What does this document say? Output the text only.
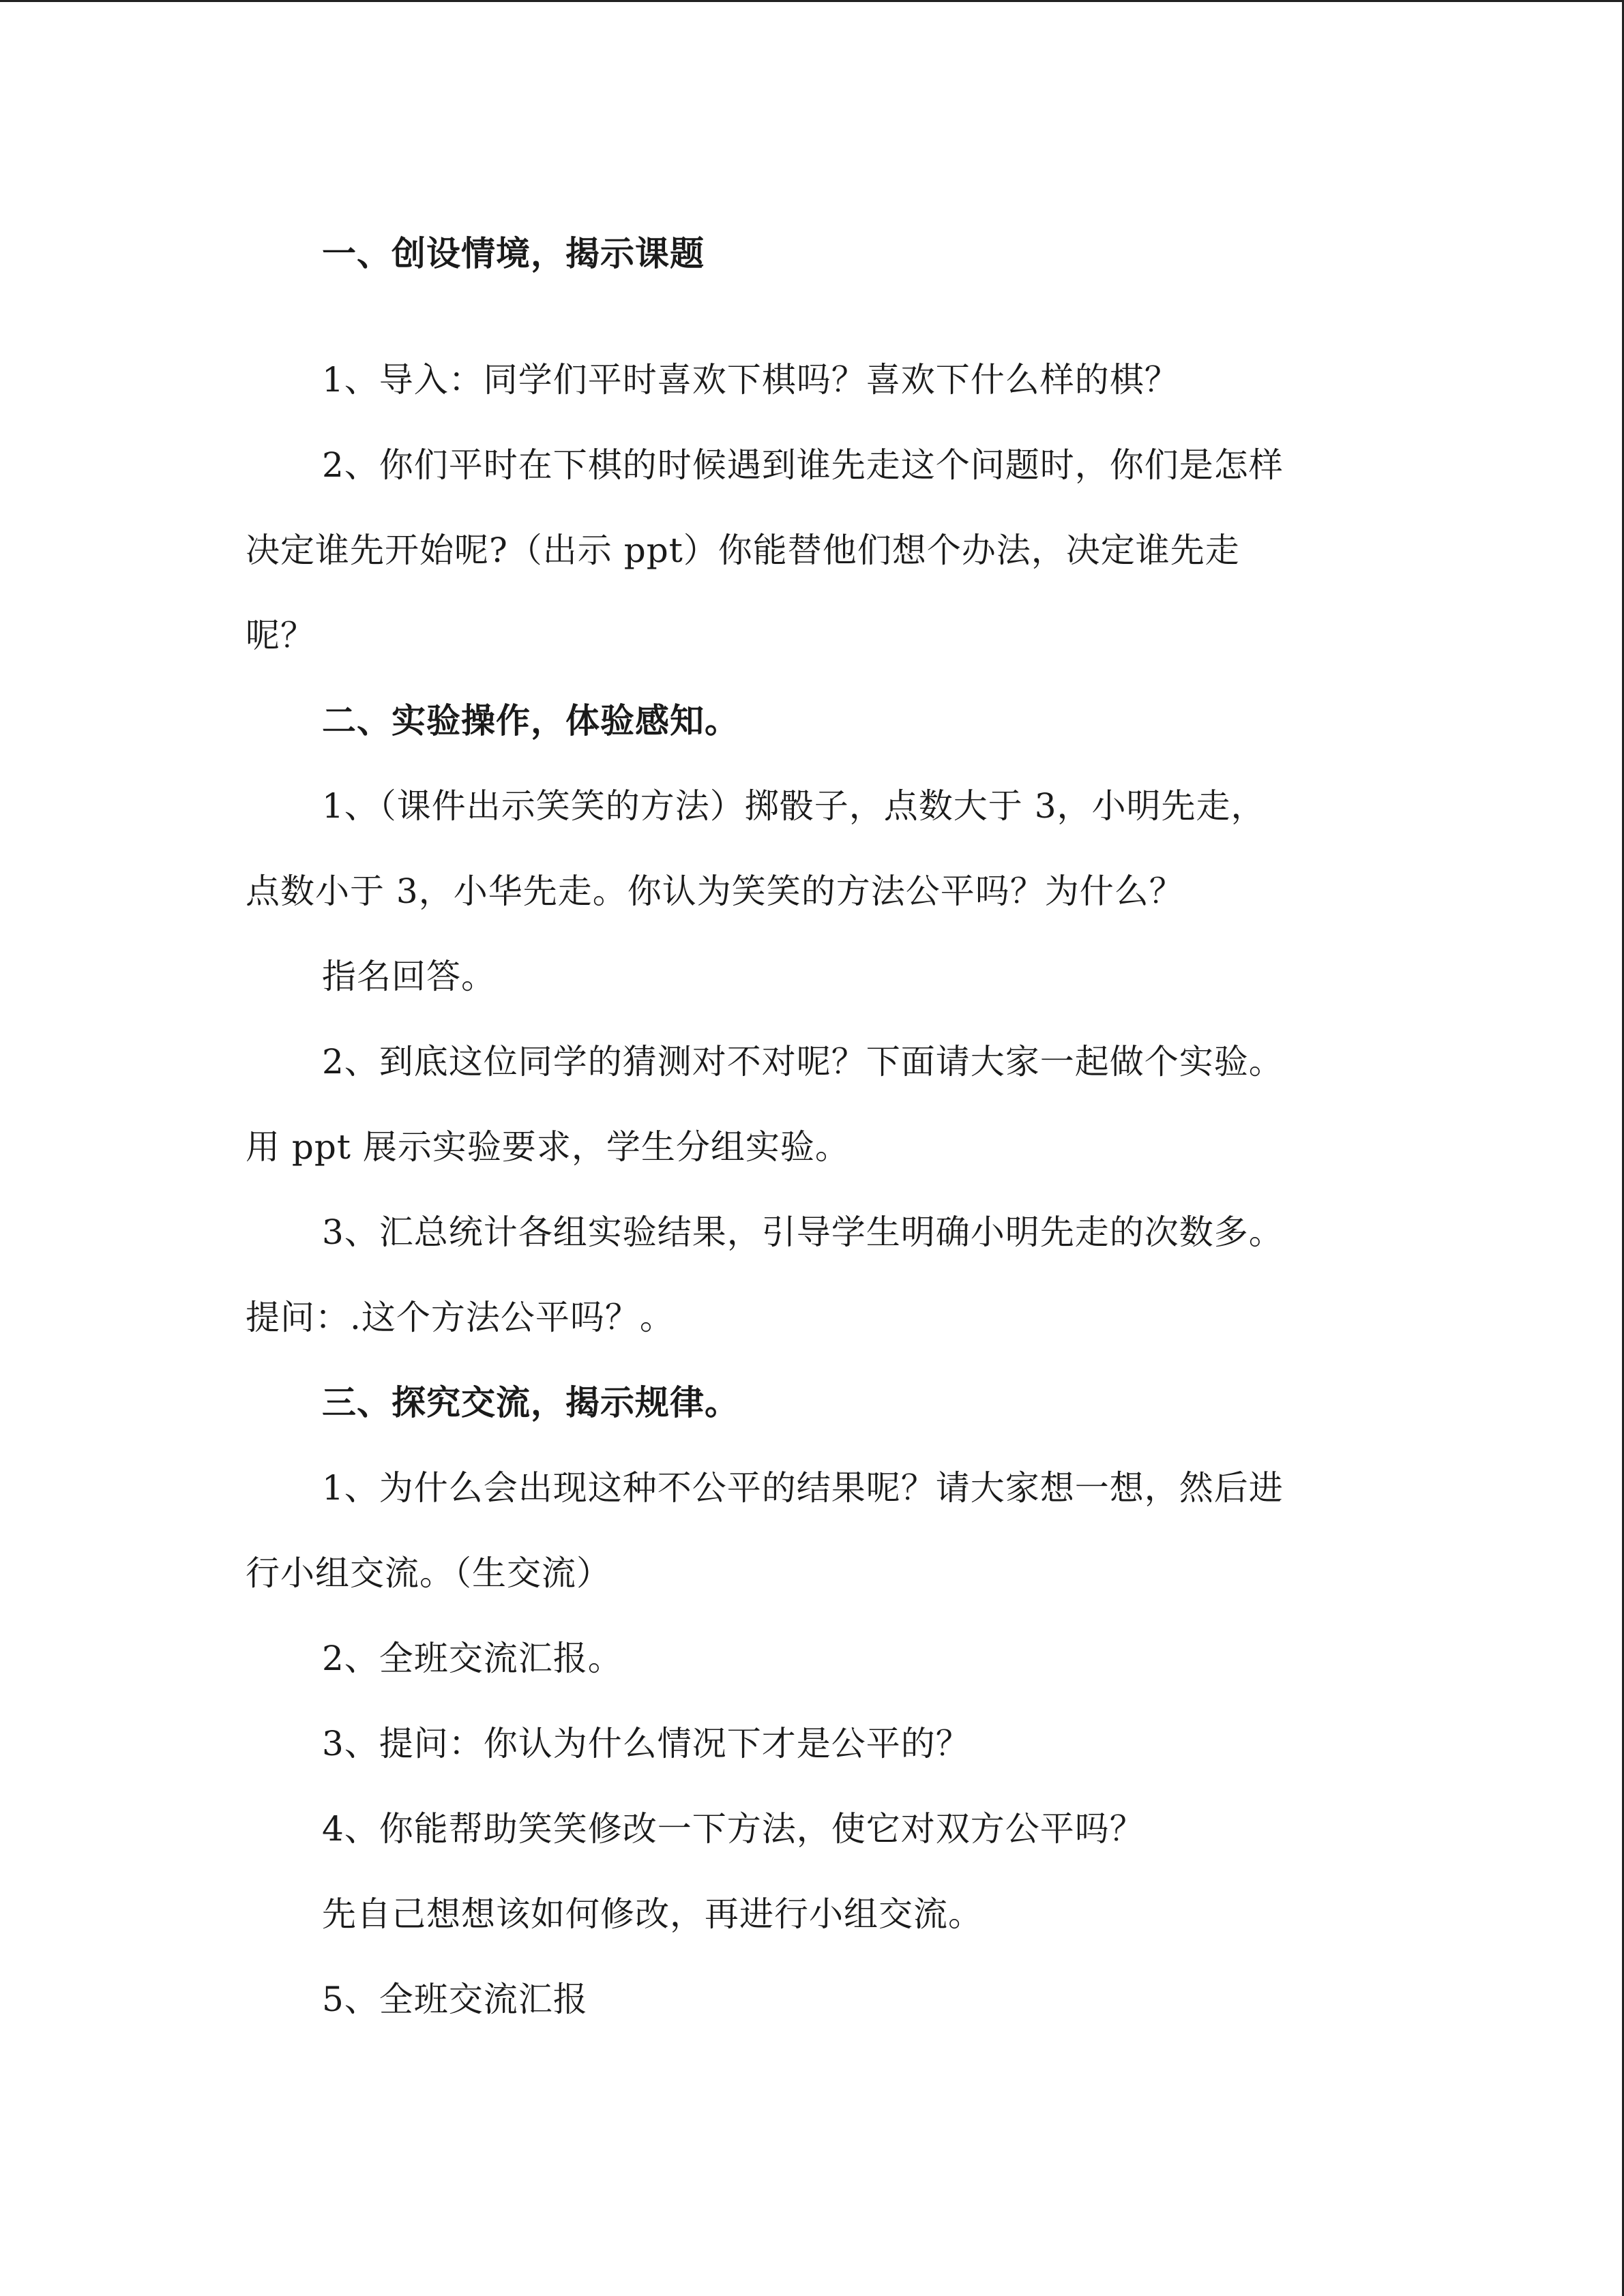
一、创设情境，揭示课题
1、导入：同学们平时喜欢下棋吗？喜欢下什么样的棋？
2、你们平时在下棋的时候遇到谁先走这个问题时，你们是怎样
决定谁先开始呢?（出示 ppt）你能替他们想个办法，决定谁先走
呢？
二、实验操作，体验感知。
1、（课件出示笑笑的方法）掷骰子，点数大于 3，小明先走，
点数小于 3，小华先走。你认为笑笑的方法公平吗？为什么？
指名回答。
2、到底这位同学的猜测对不对呢？下面请大家一起做个实验。
用 ppt 展示实验要求，学生分组实验。
3、汇总统计各组实验结果，引导学生明确小明先走的次数多。
提问：.这个方法公平吗？。
三、探究交流，揭示规律。
1、为什么会出现这种不公平的结果呢？请大家想一想，然后进
行小组交流。（生交流）
2、全班交流汇报。
3、提问：你认为什么情况下才是公平的？
4、你能帮助笑笑修改一下方法，使它对双方公平吗？
先自己想想该如何修改，再进行小组交流。
5、全班交流汇报
